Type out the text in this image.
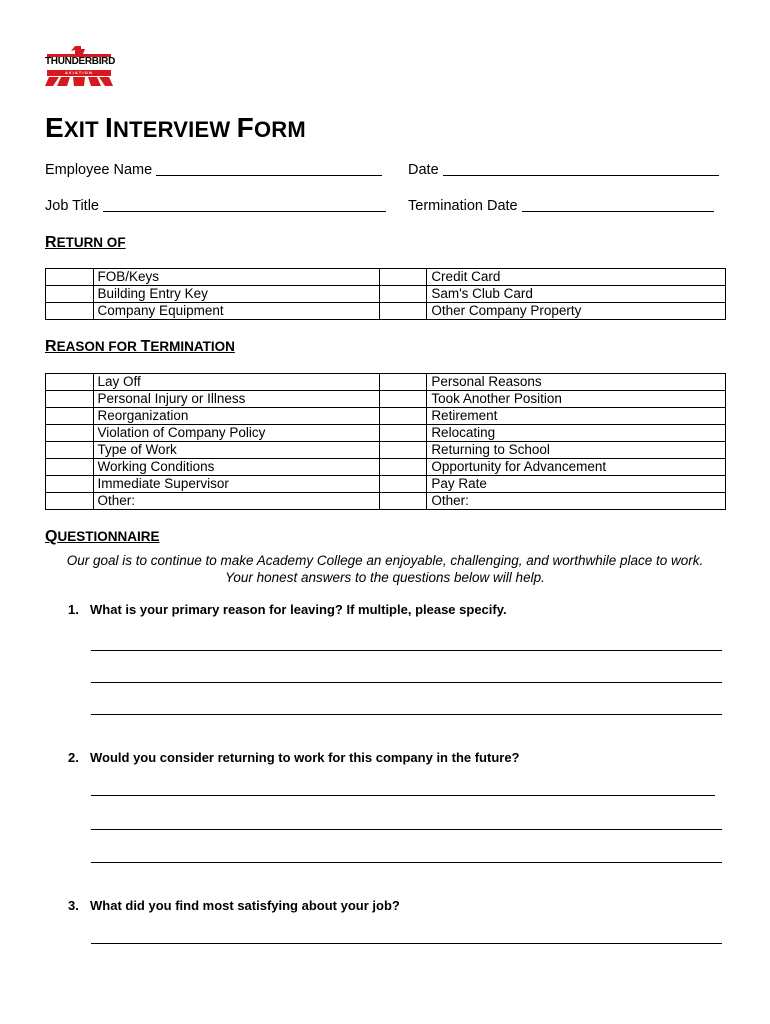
THUNDERBIRD
AVIATION
EXIT INTERVIEW FORM
Employee Name	Date
Job Title	Termination Date
RETURN OF
	FOB/Keys		Credit Card
	Building Entry Key		Sam's Club Card
	Company Equipment		Other Company Property
REASON FOR TERMINATION
	Lay Off		Personal Reasons
	Personal Injury or Illness		Took Another Position
	Reorganization		Retirement
	Violation of Company Policy		Relocating
	Type of Work		Returning to School
	Working Conditions		Opportunity for Advancement
	Immediate Supervisor		Pay Rate
	Other:		Other:
QUESTIONNAIRE
Our goal is to continue to make Academy College an enjoyable, challenging, and worthwhile place to work.
Your honest answers to the questions below will help.
1. What is your primary reason for leaving? If multiple, please specify.
2. Would you consider returning to work for this company in the future?
3. What did you find most satisfying about your job?
